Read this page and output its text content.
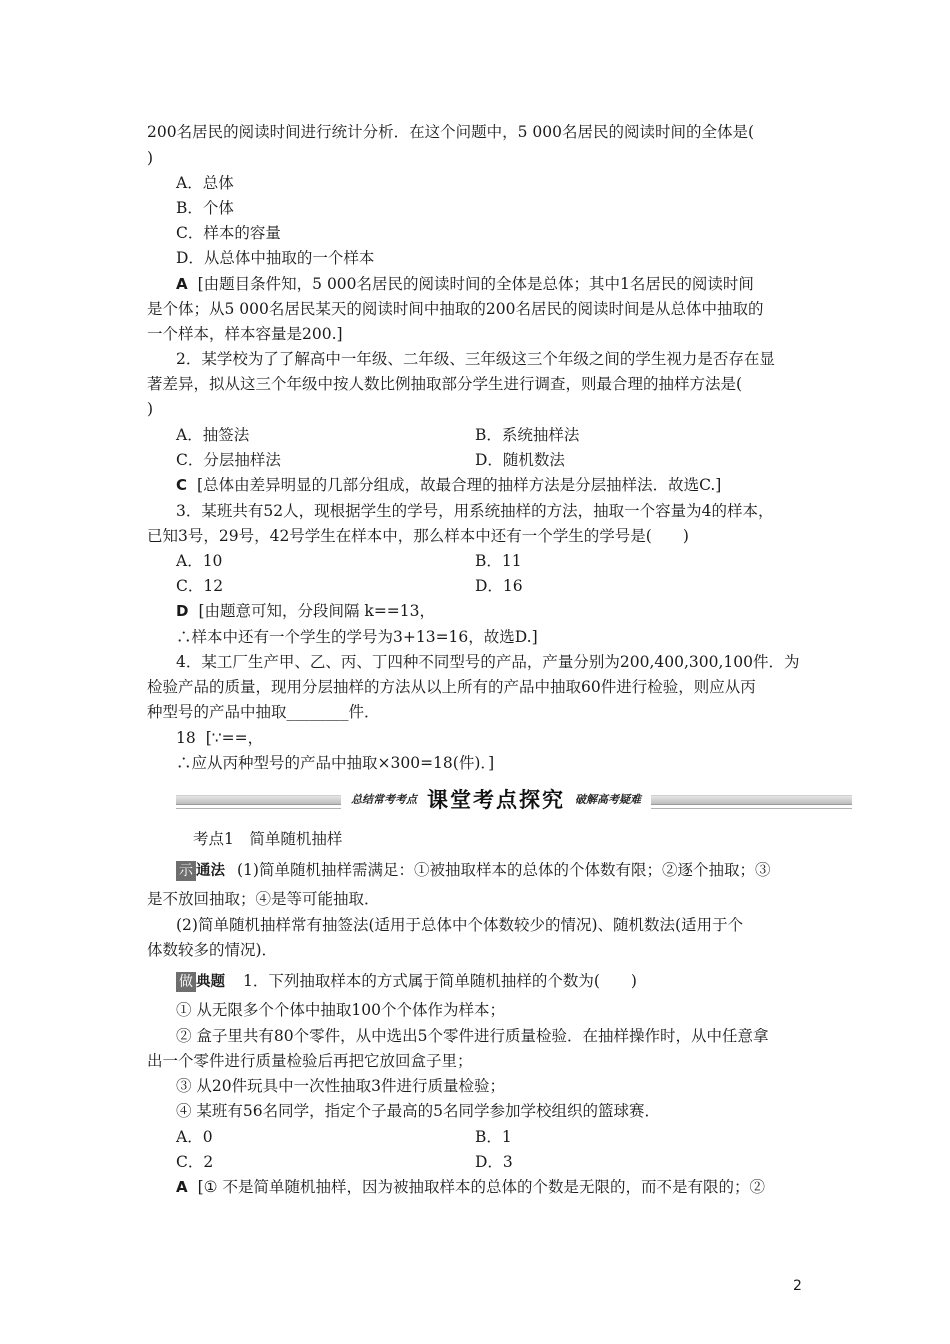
200名居民的阅读时间进行统计分析．在这个问题中，5 000名居民的阅读时间的全体是(
)
A．总体
B．个体
C．样本的容量
D．从总体中抽取的一个样本
A [由题目条件知，5 000名居民的阅读时间的全体是总体；其中1名居民的阅读时间
是个体；从5 000名居民某天的阅读时间中抽取的200名居民的阅读时间是从总体中抽取的
一个样本，样本容量是200.]
2．某学校为了了解高中一年级、二年级、三年级这三个年级之间的学生视力是否存在显
著差异，拟从这三个年级中按人数比例抽取部分学生进行调查，则最合理的抽样方法是(
)
A．抽签法	B．系统抽样法
C．分层抽样法	D．随机数法
C [总体由差异明显的几部分组成，故最合理的抽样方法是分层抽样法．故选C.]
3．某班共有52人，现根据学生的学号，用系统抽样的方法，抽取一个容量为4的样本，
已知3号，29号，42号学生在样本中，那么样本中还有一个学生的学号是(　　)
A．10	B．11
C．12	D．16
D [由题意可知，分段间隔 k==13，
∴样本中还有一个学生的学号为3+13=16，故选D.]
4．某工厂生产甲、乙、丙、丁四种不同型号的产品，产量分别为200,400,300,100件．为
检验产品的质量，现用分层抽样的方法从以上所有的产品中抽取60件进行检验，则应从丙
种型号的产品中抽取________件．
18 [∵==，
∴应从丙种型号的产品中抽取×300=18(件)．]
总结常考考点 课堂考点探究 破解高考疑难
考点1　简单随机抽样
示 通法 (1)简单随机抽样需满足：①被抽取样本的总体的个体数有限；②逐个抽取；③
是不放回抽取；④是等可能抽取．
(2)简单随机抽样常有抽签法(适用于总体中个体数较少的情况)、随机数法(适用于个
体数较多的情况)．
做 典题 1．下列抽取样本的方式属于简单随机抽样的个数为(　　)
① 从无限多个个体中抽取100个个体作为样本；
② 盒子里共有80个零件，从中选出5个零件进行质量检验．在抽样操作时，从中任意拿
出一个零件进行质量检验后再把它放回盒子里；
③ 从20件玩具中一次性抽取3件进行质量检验；
④ 某班有56名同学，指定个子最高的5名同学参加学校组织的篮球赛．
A．0	B．1
C．2	D．3
A [① 不是简单随机抽样，因为被抽取样本的总体的个数是无限的，而不是有限的；②
2
